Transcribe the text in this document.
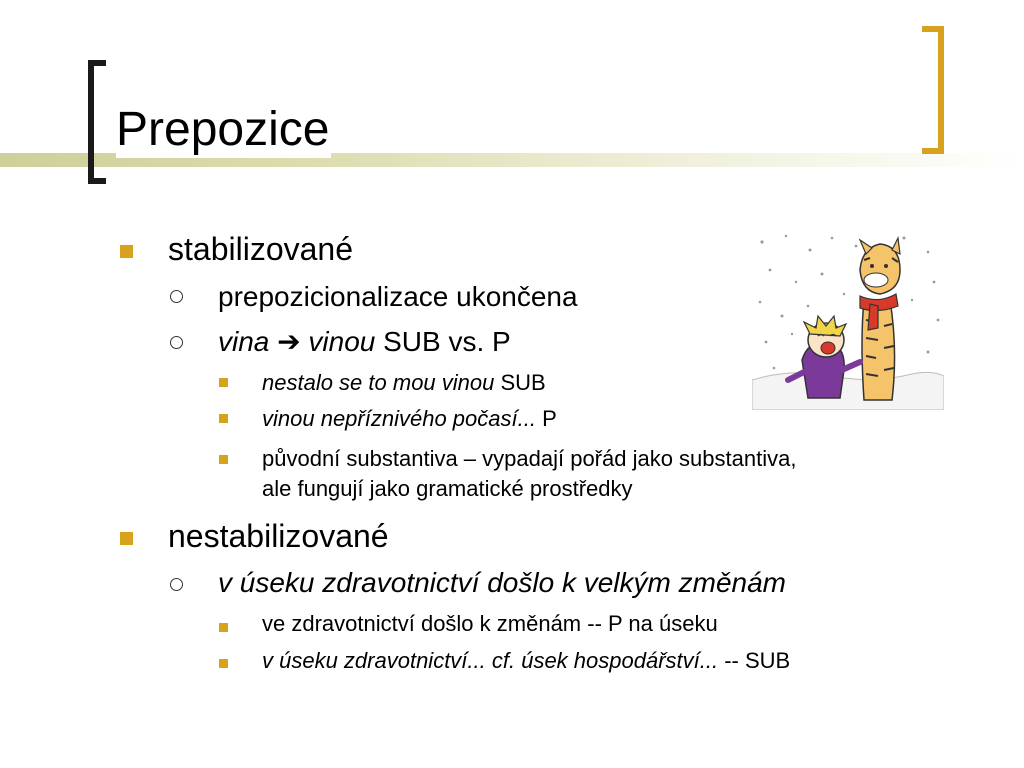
Prepozice
stabilizované
prepozicionalizace ukončena
vina ➔ vinou SUB vs. P
nestalo se to mou vinou SUB
vinou nepříznivého počasí... P
původní substantiva – vypadají pořád jako substantiva,
ale fungují jako gramatické prostředky
nestabilizované
v úseku zdravotnictví došlo k velkým změnám
ve zdravotnictví došlo k změnám -- P na úseku
v úseku zdravotnictví... cf. úsek hospodářství... -- SUB
